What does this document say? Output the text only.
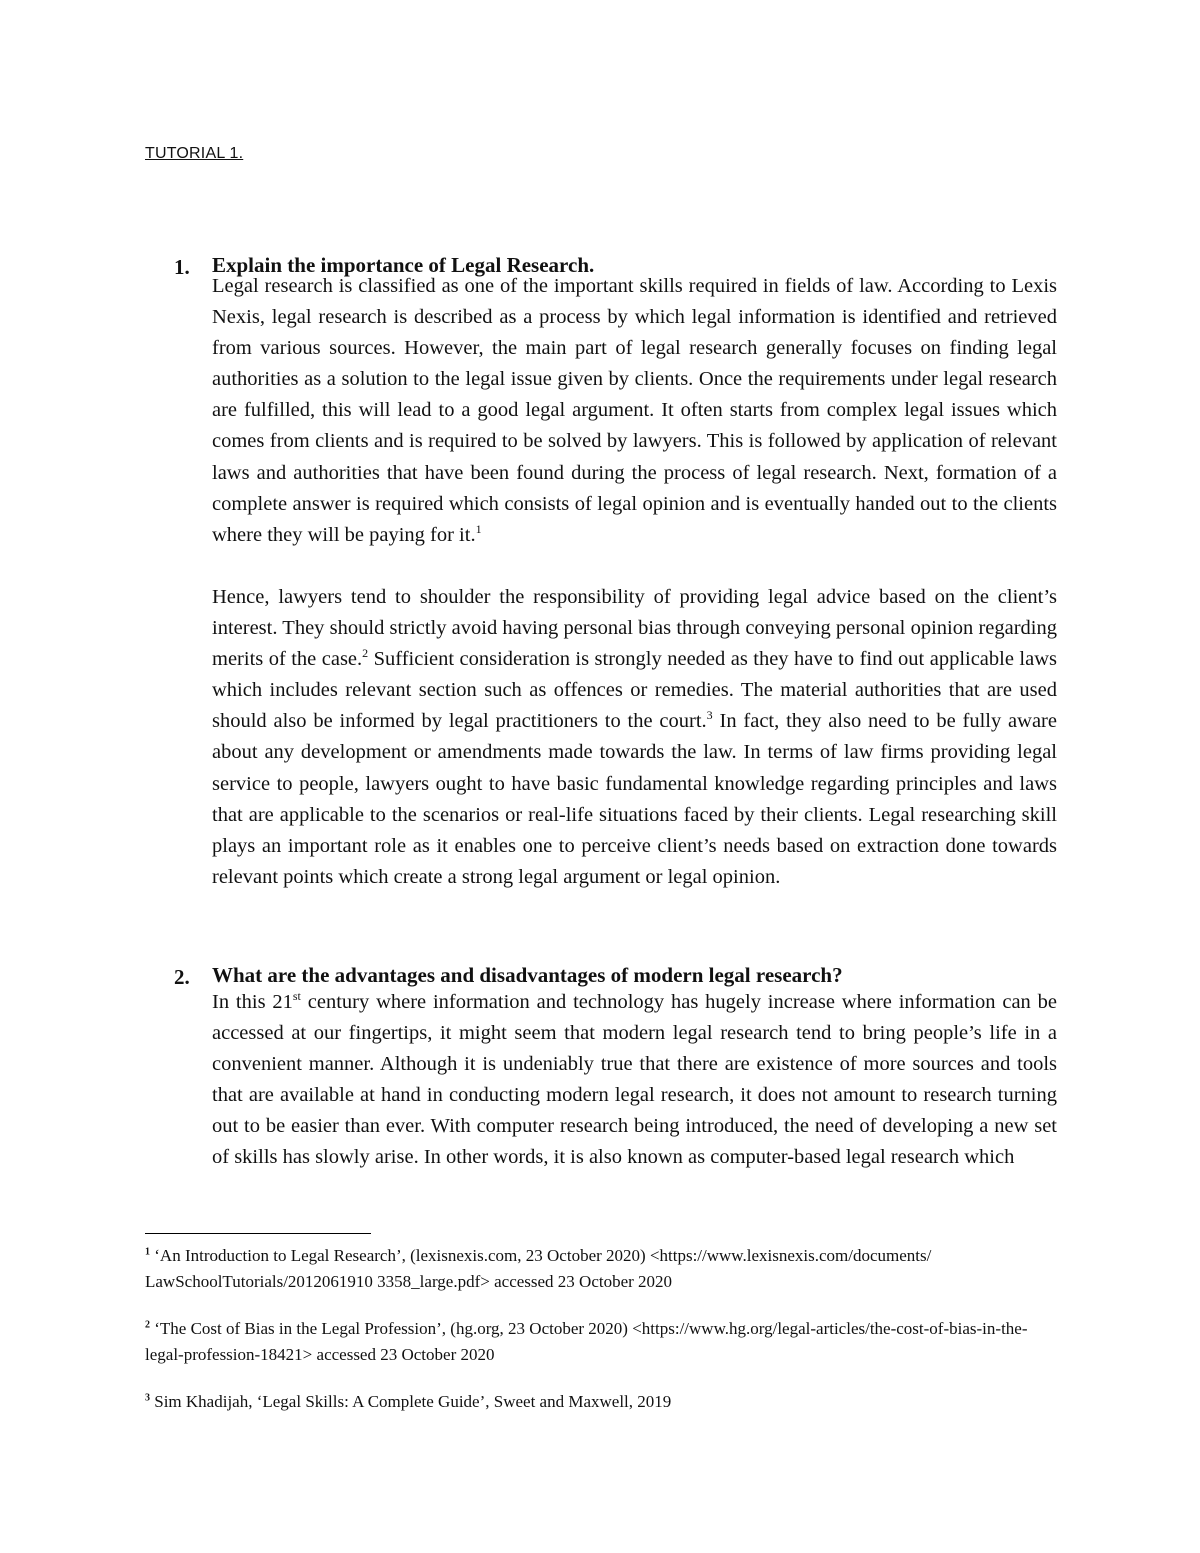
TUTORIAL 1.
1. Explain the importance of Legal Research.

Legal research is classified as one of the important skills required in fields of law. According to Lexis Nexis, legal research is described as a process by which legal information is identified and retrieved from various sources. However, the main part of legal research generally focuses on finding legal authorities as a solution to the legal issue given by clients. Once the requirements under legal research are fulfilled, this will lead to a good legal argument. It often starts from complex legal issues which comes from clients and is required to be solved by lawyers. This is followed by application of relevant laws and authorities that have been found during the process of legal research. Next, formation of a complete answer is required which consists of legal opinion and is eventually handed out to the clients where they will be paying for it.$^1$

Hence, lawyers tend to shoulder the responsibility of providing legal advice based on the client’s interest. They should strictly avoid having personal bias through conveying personal opinion regarding merits of the case.$^2$ Sufficient consideration is strongly needed as they have to find out applicable laws which includes relevant section such as offences or remedies. The material authorities that are used should also be informed by legal practitioners to the court.$^3$ In fact, they also need to be fully aware about any development or amendments made towards the law. In terms of law firms providing legal service to people, lawyers ought to have basic fundamental knowledge regarding principles and laws that are applicable to the scenarios or real-life situations faced by their clients. Legal researching skill plays an important role as it enables one to perceive client’s needs based on extraction done towards relevant points which create a strong legal argument or legal opinion.

2. What are the advantages and disadvantages of modern legal research?

In this 21st century where information and technology has hugely increase where information can be accessed at our fingertips, it might seem that modern legal research tend to bring people’s life in a convenient manner. Although it is undeniably true that there are existence of more sources and tools that are available at hand in conducting modern legal research, it does not amount to research turning out to be easier than ever. With computer research being introduced, the need of developing a new set of skills has slowly arise. In other words, it is also known as computer-based legal research which

$^1$ ‘An Introduction to Legal Research’, (lexisnexis.com, 23 October 2020) <https://www.lexisnexis.com/documents/ LawSchoolTutorials/2012061910 3358_large.pdf> accessed 23 October 2020

$^2$ ‘The Cost of Bias in the Legal Profession’, (hg.org, 23 October 2020) <https://www.hg.org/legal-articles/the-cost-of-bias-in-the-legal-profession-18421> accessed 23 October 2020

$^3$ Sim Khadijah, ‘Legal Skills: A Complete Guide’, Sweet and Maxwell, 2019
